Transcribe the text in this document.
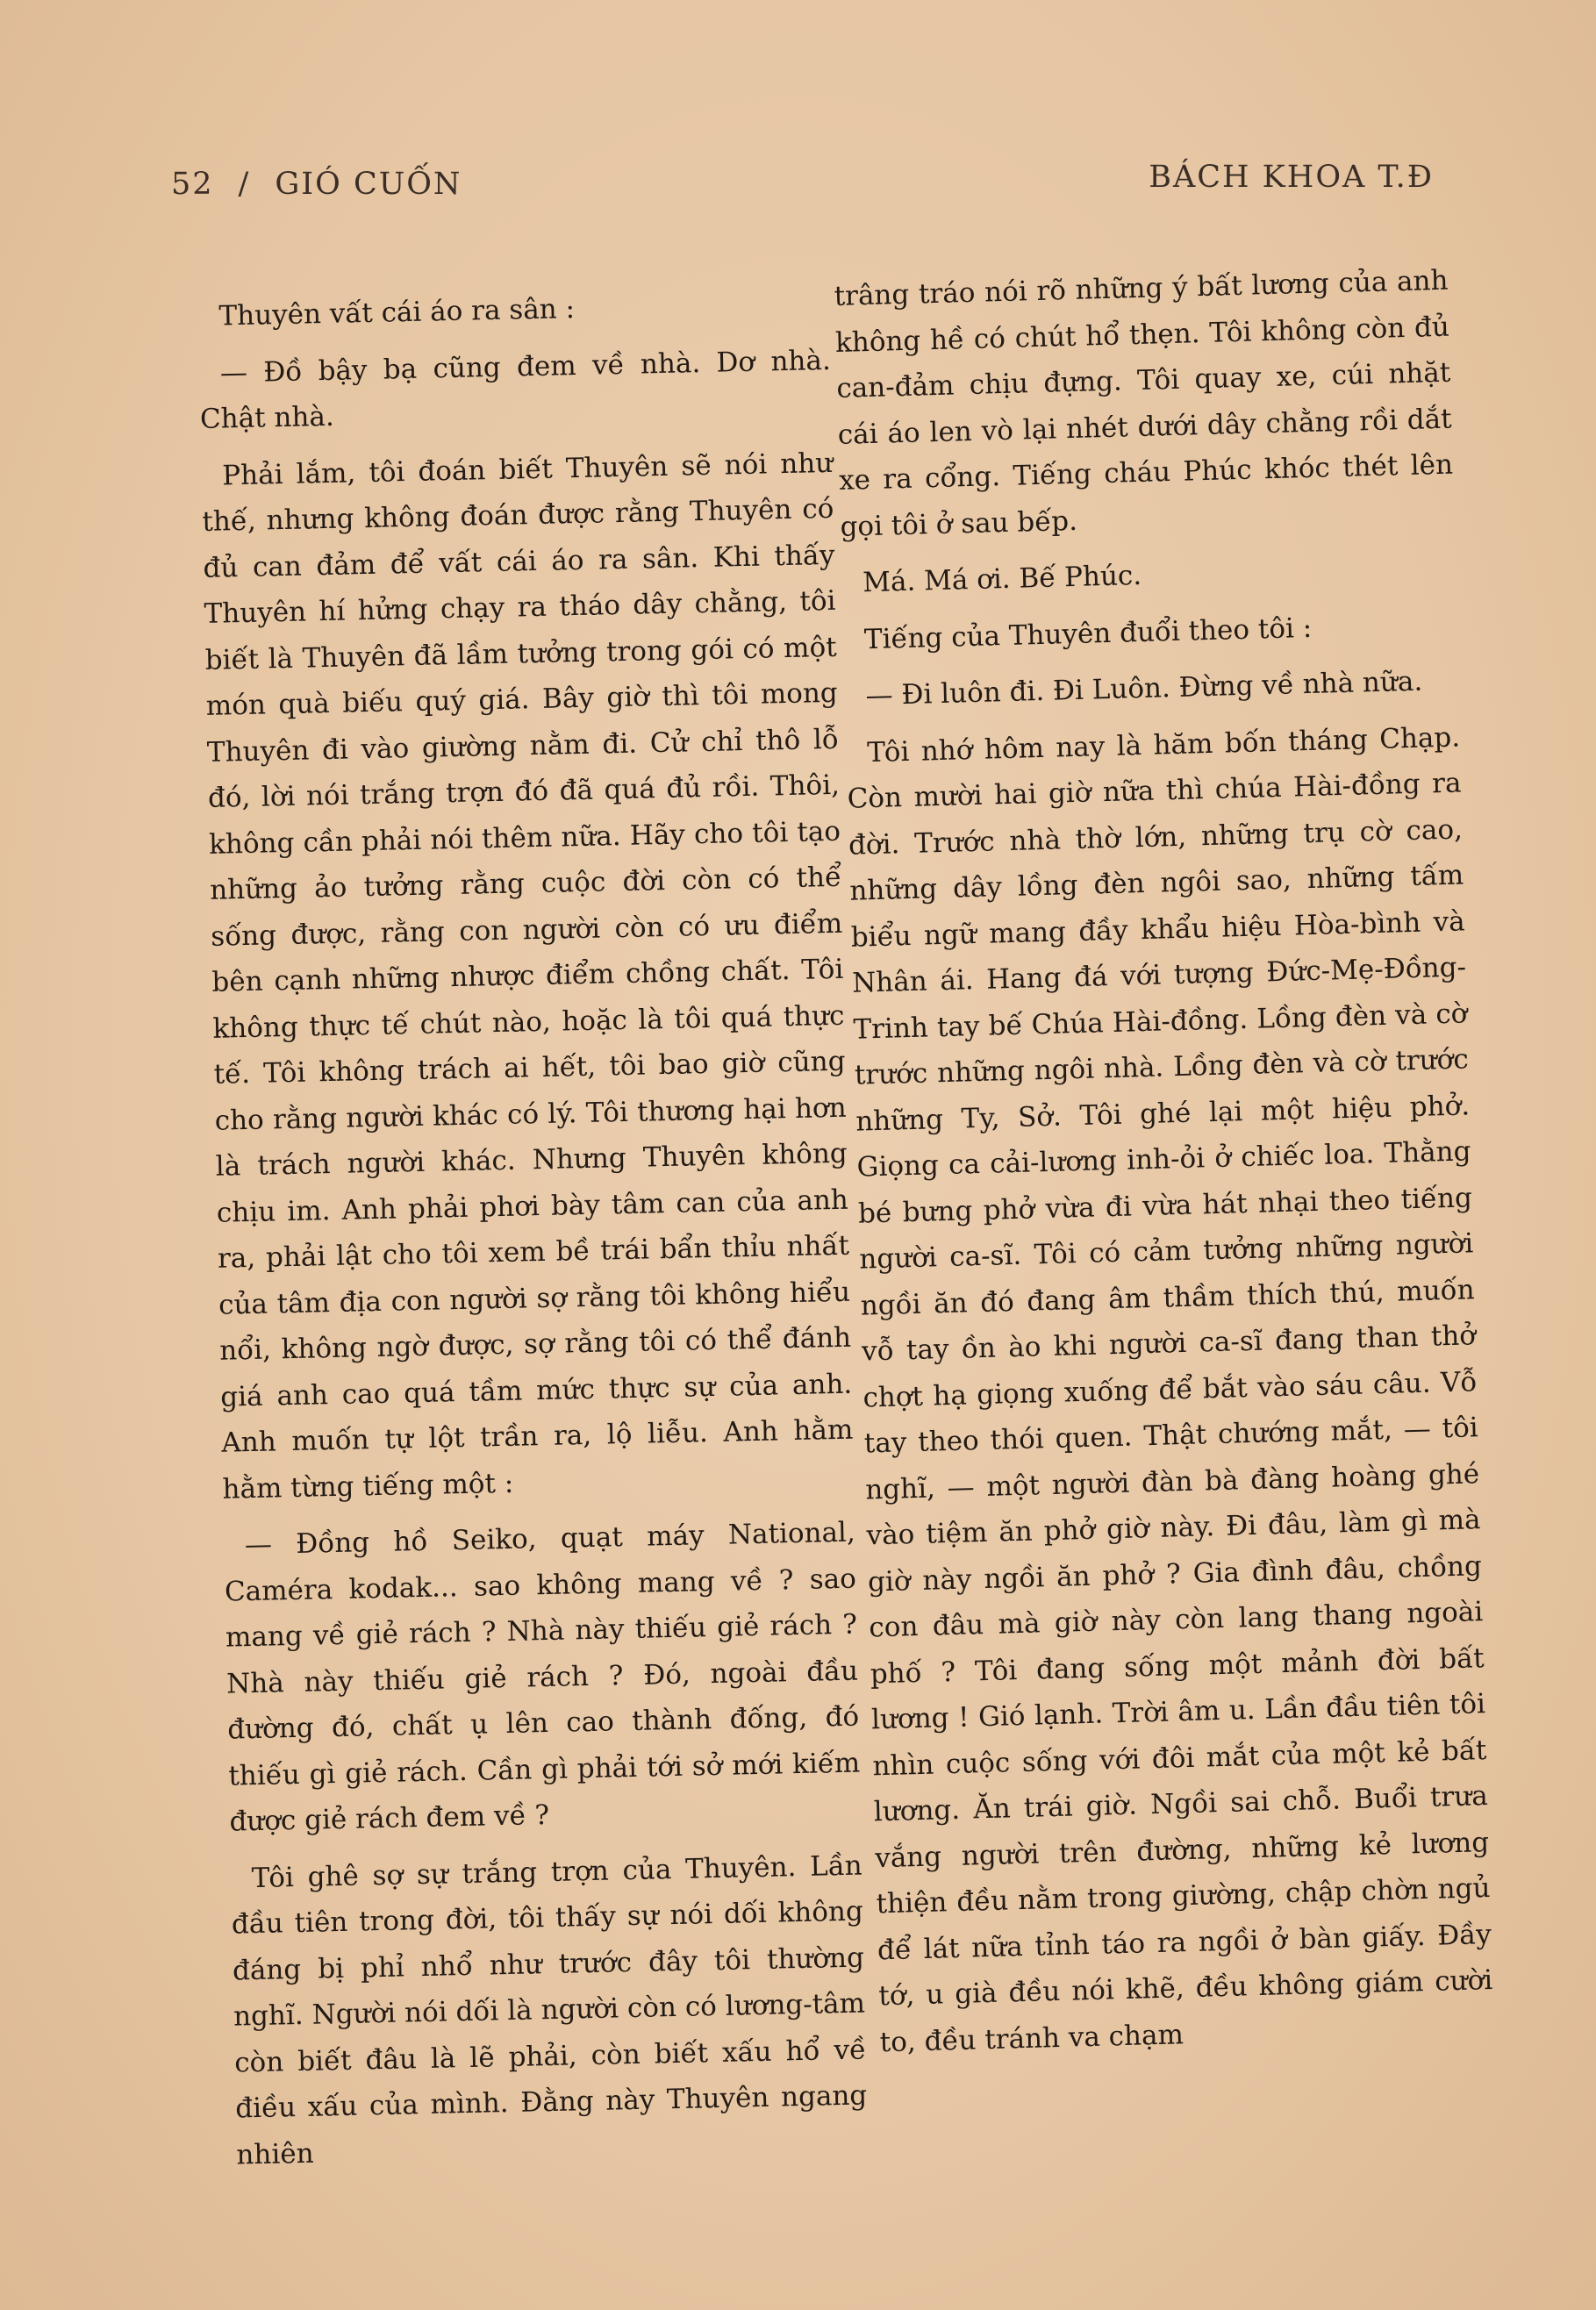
52 / GIÓ CUỐN	BÁCH KHOA T.Đ

Thuyên vất cái áo ra sân :

— Đồ bậy bạ cũng đem về nhà. Dơ nhà. Chật nhà.

Phải lắm, tôi đoán biết Thuyên sẽ nói như thế, nhưng không đoán được rằng Thuyên có đủ can đảm để vất cái áo ra sân. Khi thấy Thuyên hí hửng chạy ra tháo dây chằng, tôi biết là Thuyên đã lầm tưởng trong gói có một món quà biếu quý giá. Bây giờ thì tôi mong Thuyên đi vào giường nằm đi. Cử chỉ thô lỗ đó, lời nói trắng trợn đó đã quá đủ rồi. Thôi, không cần phải nói thêm nữa. Hãy cho tôi tạo những ảo tưởng rằng cuộc đời còn có thể sống được, rằng con người còn có ưu điểm bên cạnh những nhược điểm chồng chất. Tôi không thực tế chút nào, hoặc là tôi quá thực tế. Tôi không trách ai hết, tôi bao giờ cũng cho rằng người khác có lý. Tôi thương hại hơn là trách người khác. Nhưng Thuyên không chịu im. Anh phải phơi bày tâm can của anh ra, phải lật cho tôi xem bề trái bẩn thỉu nhất của tâm địa con người sợ rằng tôi không hiểu nổi, không ngờ được, sợ rằng tôi có thể đánh giá anh cao quá tầm mức thực sự của anh. Anh muốn tự lột trần ra, lộ liễu. Anh hằm hằm từng tiếng một :

— Đồng hồ Seiko, quạt máy National, Caméra kodak... sao không mang về ? sao mang về giẻ rách ? Nhà này thiếu giẻ rách ? Nhà này thiếu giẻ rách ? Đó, ngoài đầu đường đó, chất ụ lên cao thành đống, đó thiếu gì giẻ rách. Cần gì phải tới sở mới kiếm được giẻ rách đem về ?

Tôi ghê sợ sự trắng trợn của Thuyên. Lần đầu tiên trong đời, tôi thấy sự nói dối không đáng bị phỉ nhổ như trước đây tôi thường nghĩ. Người nói dối là người còn có lương-tâm còn biết đâu là lẽ phải, còn biết xấu hổ về điều xấu của mình. Đằng này Thuyên ngang nhiên

trâng tráo nói rõ những ý bất lương của anh không hề có chút hổ thẹn. Tôi không còn đủ can-đảm chịu đựng. Tôi quay xe, cúi nhặt cái áo len vò lại nhét dưới dây chằng rồi dắt xe ra cổng. Tiếng cháu Phúc khóc thét lên gọi tôi ở sau bếp.

Má. Má ơi. Bế Phúc.

Tiếng của Thuyên đuổi theo tôi :

— Đi luôn đi. Đi Luôn. Đừng về nhà nữa.

Tôi nhớ hôm nay là hăm bốn tháng Chạp. Còn mười hai giờ nữa thì chúa Hài-đồng ra đời. Trước nhà thờ lớn, những trụ cờ cao, những dây lồng đèn ngôi sao, những tấm biểu ngữ mang đầy khẩu hiệu Hòa-bình và Nhân ái. Hang đá với tượng Đức-Mẹ-Đồng-Trinh tay bế Chúa Hài-đồng. Lồng đèn và cờ trước những ngôi nhà. Lồng đèn và cờ trước những Ty, Sở. Tôi ghé lại một hiệu phở. Giọng ca cải-lương inh-ỏi ở chiếc loa. Thằng bé bưng phở vừa đi vừa hát nhại theo tiếng người ca-sĩ. Tôi có cảm tưởng những người ngồi ăn đó đang âm thầm thích thú, muốn vỗ tay ồn ào khi người ca-sĩ đang than thở chợt hạ giọng xuống để bắt vào sáu câu. Vỗ tay theo thói quen. Thật chướng mắt, — tôi nghĩ, — một người đàn bà đàng hoàng ghé vào tiệm ăn phở giờ này. Đi đâu, làm gì mà giờ này ngồi ăn phở ? Gia đình đâu, chồng con đâu mà giờ này còn lang thang ngoài phố ? Tôi đang sống một mảnh đời bất lương ! Gió lạnh. Trời âm u. Lần đầu tiên tôi nhìn cuộc sống với đôi mắt của một kẻ bất lương. Ăn trái giờ. Ngồi sai chỗ. Buổi trưa vắng người trên đường, những kẻ lương thiện đều nằm trong giường, chập chờn ngủ để lát nữa tỉnh táo ra ngồi ở bàn giấy. Đầy tớ, u già đều nói khẽ, đều không giám cười to, đều tránh va chạm
